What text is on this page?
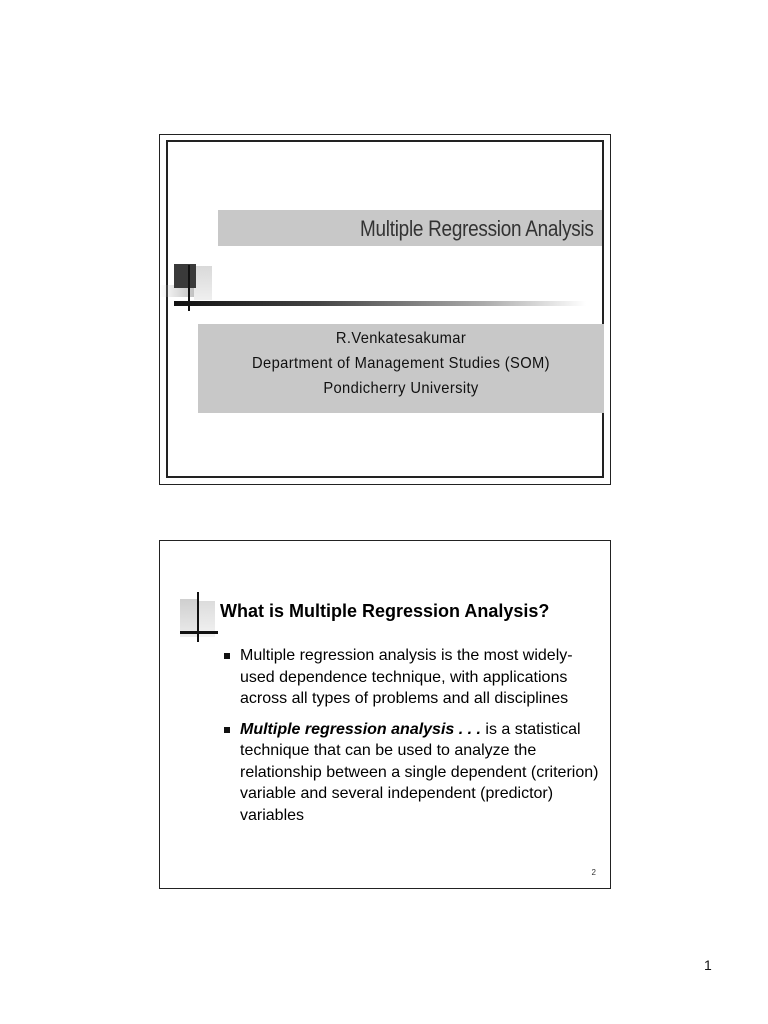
Multiple Regression Analysis
R.Venkatesakumar
Department of Management Studies (SOM)
Pondicherry University
What is Multiple Regression Analysis?
Multiple regression analysis is the most widely-used dependence technique, with applications across all types of problems and all disciplines
Multiple regression analysis . . . is a statistical technique that can be used to analyze the relationship between a single dependent (criterion) variable and several independent (predictor) variables
2
1
